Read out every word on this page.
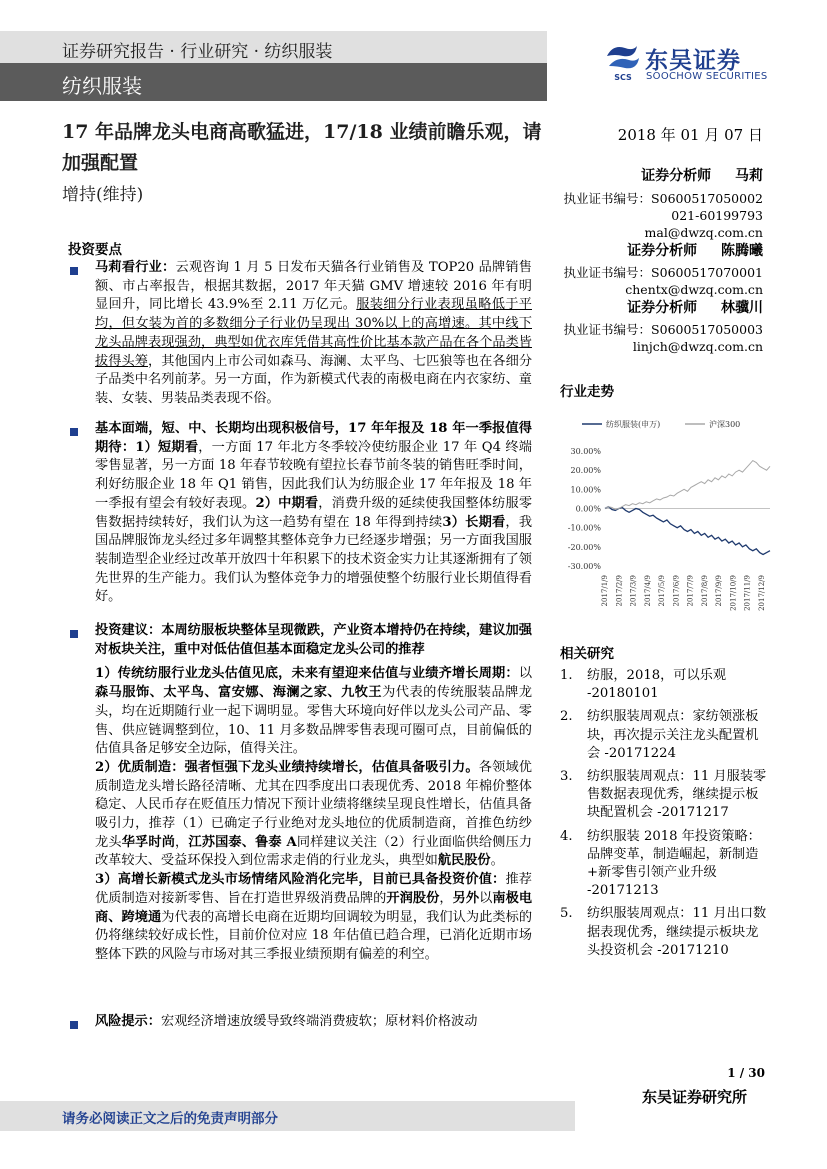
证券研究报告 · 行业研究 · 纺织服装
纺织服装	SCS
东吴证券
SOOCHOW SECURITIES
17 年品牌龙头电商高歌猛进，17/18 业绩前瞻乐观，请加强配置
增持(维持)
2018 年 01 月 07 日
证券分析师 马莉
执业证书编号：S0600517050002
021-60199793
mal@dwzq.com.cn
证券分析师 陈腾曦
执业证书编号：S0600517070001
chentx@dwzq.com.cn
证券分析师 林骥川
执业证书编号：S0600517050003
linjch@dwzq.com.cn
投资要点

马莉看行业：云观咨询 1 月 5 日发布天猫各行业销售及 TOP20 品牌销售额、市占率报告，根据其数据，2017 年天猫 GMV 增速较 2016 年有明显回升，同比增长 43.9%至 2.11 万亿元。服装细分行业表现虽略低于平均，但女装为首的多数细分子行业仍呈现出 30%以上的高增速。其中线下龙头品牌表现强劲，典型如优衣库凭借其高性价比基本款产品在各个品类皆拔得头筹，其他国内上市公司如森马、海澜、太平鸟、七匹狼等也在各细分子品类中名列前茅。另一方面，作为新模式代表的南极电商在内衣家纺、童装、女装、男装品类表现不俗。

基本面端，短、中、长期均出现积极信号，17 年年报及 18 年一季报值得期待：1）短期看，一方面 17 年北方冬季较冷使纺服企业 17 年 Q4 终端零售显著，另一方面 18 年春节较晚有望拉长春节前冬装的销售旺季时间，利好纺服企业 18 年 Q1 销售，因此我们认为纺服企业 17 年年报及 18 年一季报有望会有较好表现。2）中期看，消费升级的延续使我国整体纺服零售数据持续转好，我们认为这一趋势有望在 18 年得到持续3）长期看，我国品牌服饰龙头经过多年调整其整体竞争力已经逐步增强；另一方面我国服装制造型企业经过改革开放四十年积累下的技术资金实力让其逐渐拥有了领先世界的生产能力。我们认为整体竞争力的增强使整个纺服行业长期值得看好。

投资建议：本周纺服板块整体呈现微跌，产业资本增持仍在持续，建议加强对板块关注，重中对低估值但基本面稳定龙头公司的推荐

1）传统纺服行业龙头估值见底，未来有望迎来估值与业绩齐增长周期：以森马服饰、太平鸟、富安娜、海澜之家、九牧王为代表的传统服装品牌龙头，均在近期随行业一起下调明显。零售大环境向好伴以龙头公司产品、零售、供应链调整到位，10、11 月多数品牌零售表现可圈可点，目前偏低的估值具备足够安全边际，值得关注。

2）优质制造：强者恒强下龙头业绩持续增长，估值具备吸引力。各领域优质制造龙头增长路径清晰、尤其在四季度出口表现优秀、2018 年棉价整体稳定、人民币存在贬值压力情况下预计业绩将继续呈现良性增长，估值具备吸引力，推荐（1）已确定子行业绝对龙头地位的优质制造商，首推色纺纱龙头华孚时尚，江苏国泰、鲁泰 A同样建议关注（2）行业面临供给侧压力改革较大、受益环保投入到位需求走俏的行业龙头，典型如航民股份。

3）高增长新模式龙头市场情绪风险消化完毕，目前已具备投资价值：推荐优质制造对接新零售、旨在打造世界级消费品牌的开润股份，另外以南极电商、跨境通为代表的高增长电商在近期均回调较为明显，我们认为此类标的仍将继续较好成长性，目前价位对应 18 年估值已趋合理，已消化近期市场整体下跌的风险与市场对其三季报业绩预期有偏差的利空。

风险提示：宏观经济增速放缓导致终端消费疲软；原材料价格波动

行业走势
纺织服装(申万)	沪深300
30.00%
20.00%
10.00%
0.00%
-10.00%
-20.00%
-30.00%
2017/1/9 2017/2/9 2017/3/9 2017/4/9 2017/5/9 2017/6/9 2017/7/9 2017/8/9 2017/9/9 2017/10/9 2017/11/9 2017/12/9
相关研究
1.	纺服，2018，可以乐观 -20180101
2.	纺织服装周观点：家纺领涨板块，再次提示关注龙头配置机会 -20171224
3.	纺织服装周观点：11 月服装零售数据表现优秀，继续提示板块配置机会 -20171217
4.	纺织服装 2018 年投资策略：品牌变革，制造崛起，新制造+新零售引领产业升级 -20171213
5.	纺织服装周观点：11 月出口数据表现优秀，继续提示板块龙头投资机会 -20171210
1 / 30
东吴证券研究所
请务必阅读正文之后的免责声明部分
